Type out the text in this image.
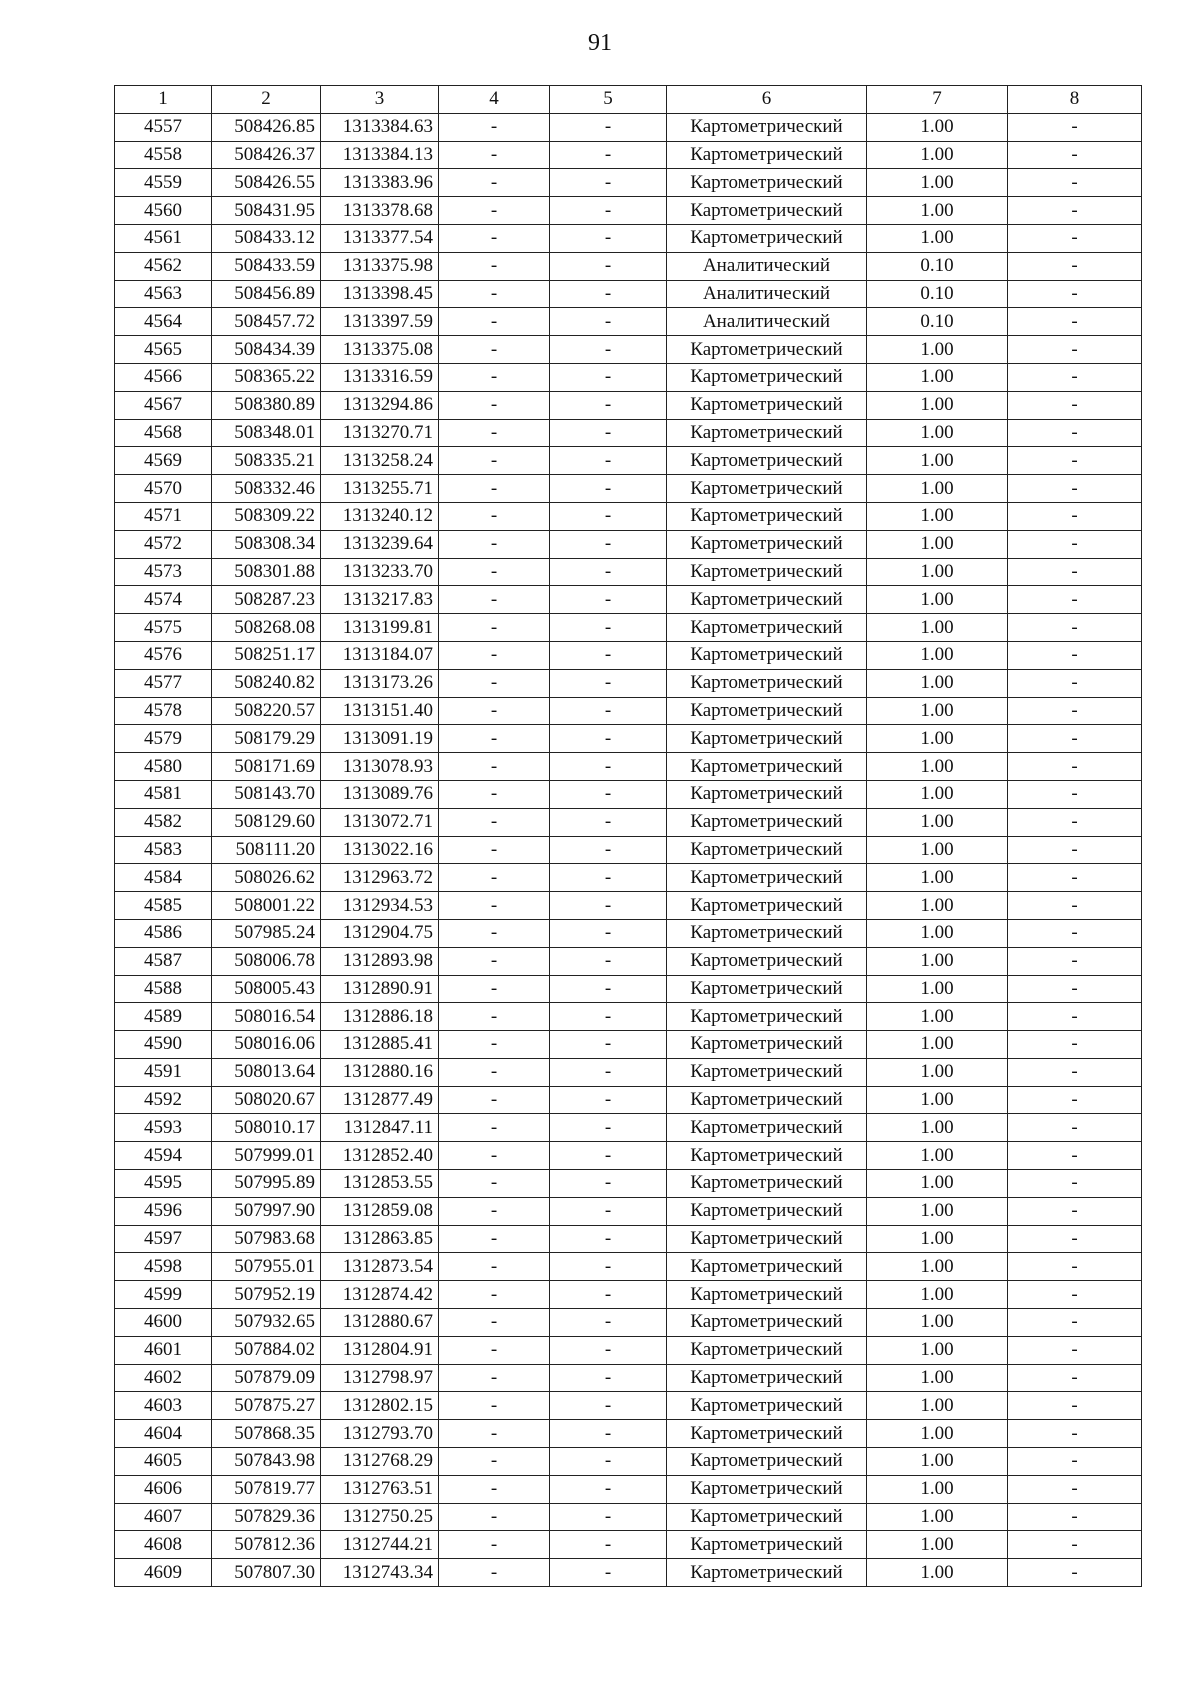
91
1	2	3	4	5	6	7	8
4557	508426.85	1313384.63	-	-	Картометрический	1.00	-
4558	508426.37	1313384.13	-	-	Картометрический	1.00	-
4559	508426.55	1313383.96	-	-	Картометрический	1.00	-
4560	508431.95	1313378.68	-	-	Картометрический	1.00	-
4561	508433.12	1313377.54	-	-	Картометрический	1.00	-
4562	508433.59	1313375.98	-	-	Аналитический	0.10	-
4563	508456.89	1313398.45	-	-	Аналитический	0.10	-
4564	508457.72	1313397.59	-	-	Аналитический	0.10	-
4565	508434.39	1313375.08	-	-	Картометрический	1.00	-
4566	508365.22	1313316.59	-	-	Картометрический	1.00	-
4567	508380.89	1313294.86	-	-	Картометрический	1.00	-
4568	508348.01	1313270.71	-	-	Картометрический	1.00	-
4569	508335.21	1313258.24	-	-	Картометрический	1.00	-
4570	508332.46	1313255.71	-	-	Картометрический	1.00	-
4571	508309.22	1313240.12	-	-	Картометрический	1.00	-
4572	508308.34	1313239.64	-	-	Картометрический	1.00	-
4573	508301.88	1313233.70	-	-	Картометрический	1.00	-
4574	508287.23	1313217.83	-	-	Картометрический	1.00	-
4575	508268.08	1313199.81	-	-	Картометрический	1.00	-
4576	508251.17	1313184.07	-	-	Картометрический	1.00	-
4577	508240.82	1313173.26	-	-	Картометрический	1.00	-
4578	508220.57	1313151.40	-	-	Картометрический	1.00	-
4579	508179.29	1313091.19	-	-	Картометрический	1.00	-
4580	508171.69	1313078.93	-	-	Картометрический	1.00	-
4581	508143.70	1313089.76	-	-	Картометрический	1.00	-
4582	508129.60	1313072.71	-	-	Картометрический	1.00	-
4583	508111.20	1313022.16	-	-	Картометрический	1.00	-
4584	508026.62	1312963.72	-	-	Картометрический	1.00	-
4585	508001.22	1312934.53	-	-	Картометрический	1.00	-
4586	507985.24	1312904.75	-	-	Картометрический	1.00	-
4587	508006.78	1312893.98	-	-	Картометрический	1.00	-
4588	508005.43	1312890.91	-	-	Картометрический	1.00	-
4589	508016.54	1312886.18	-	-	Картометрический	1.00	-
4590	508016.06	1312885.41	-	-	Картометрический	1.00	-
4591	508013.64	1312880.16	-	-	Картометрический	1.00	-
4592	508020.67	1312877.49	-	-	Картометрический	1.00	-
4593	508010.17	1312847.11	-	-	Картометрический	1.00	-
4594	507999.01	1312852.40	-	-	Картометрический	1.00	-
4595	507995.89	1312853.55	-	-	Картометрический	1.00	-
4596	507997.90	1312859.08	-	-	Картометрический	1.00	-
4597	507983.68	1312863.85	-	-	Картометрический	1.00	-
4598	507955.01	1312873.54	-	-	Картометрический	1.00	-
4599	507952.19	1312874.42	-	-	Картометрический	1.00	-
4600	507932.65	1312880.67	-	-	Картометрический	1.00	-
4601	507884.02	1312804.91	-	-	Картометрический	1.00	-
4602	507879.09	1312798.97	-	-	Картометрический	1.00	-
4603	507875.27	1312802.15	-	-	Картометрический	1.00	-
4604	507868.35	1312793.70	-	-	Картометрический	1.00	-
4605	507843.98	1312768.29	-	-	Картометрический	1.00	-
4606	507819.77	1312763.51	-	-	Картометрический	1.00	-
4607	507829.36	1312750.25	-	-	Картометрический	1.00	-
4608	507812.36	1312744.21	-	-	Картометрический	1.00	-
4609	507807.30	1312743.34	-	-	Картометрический	1.00	-
